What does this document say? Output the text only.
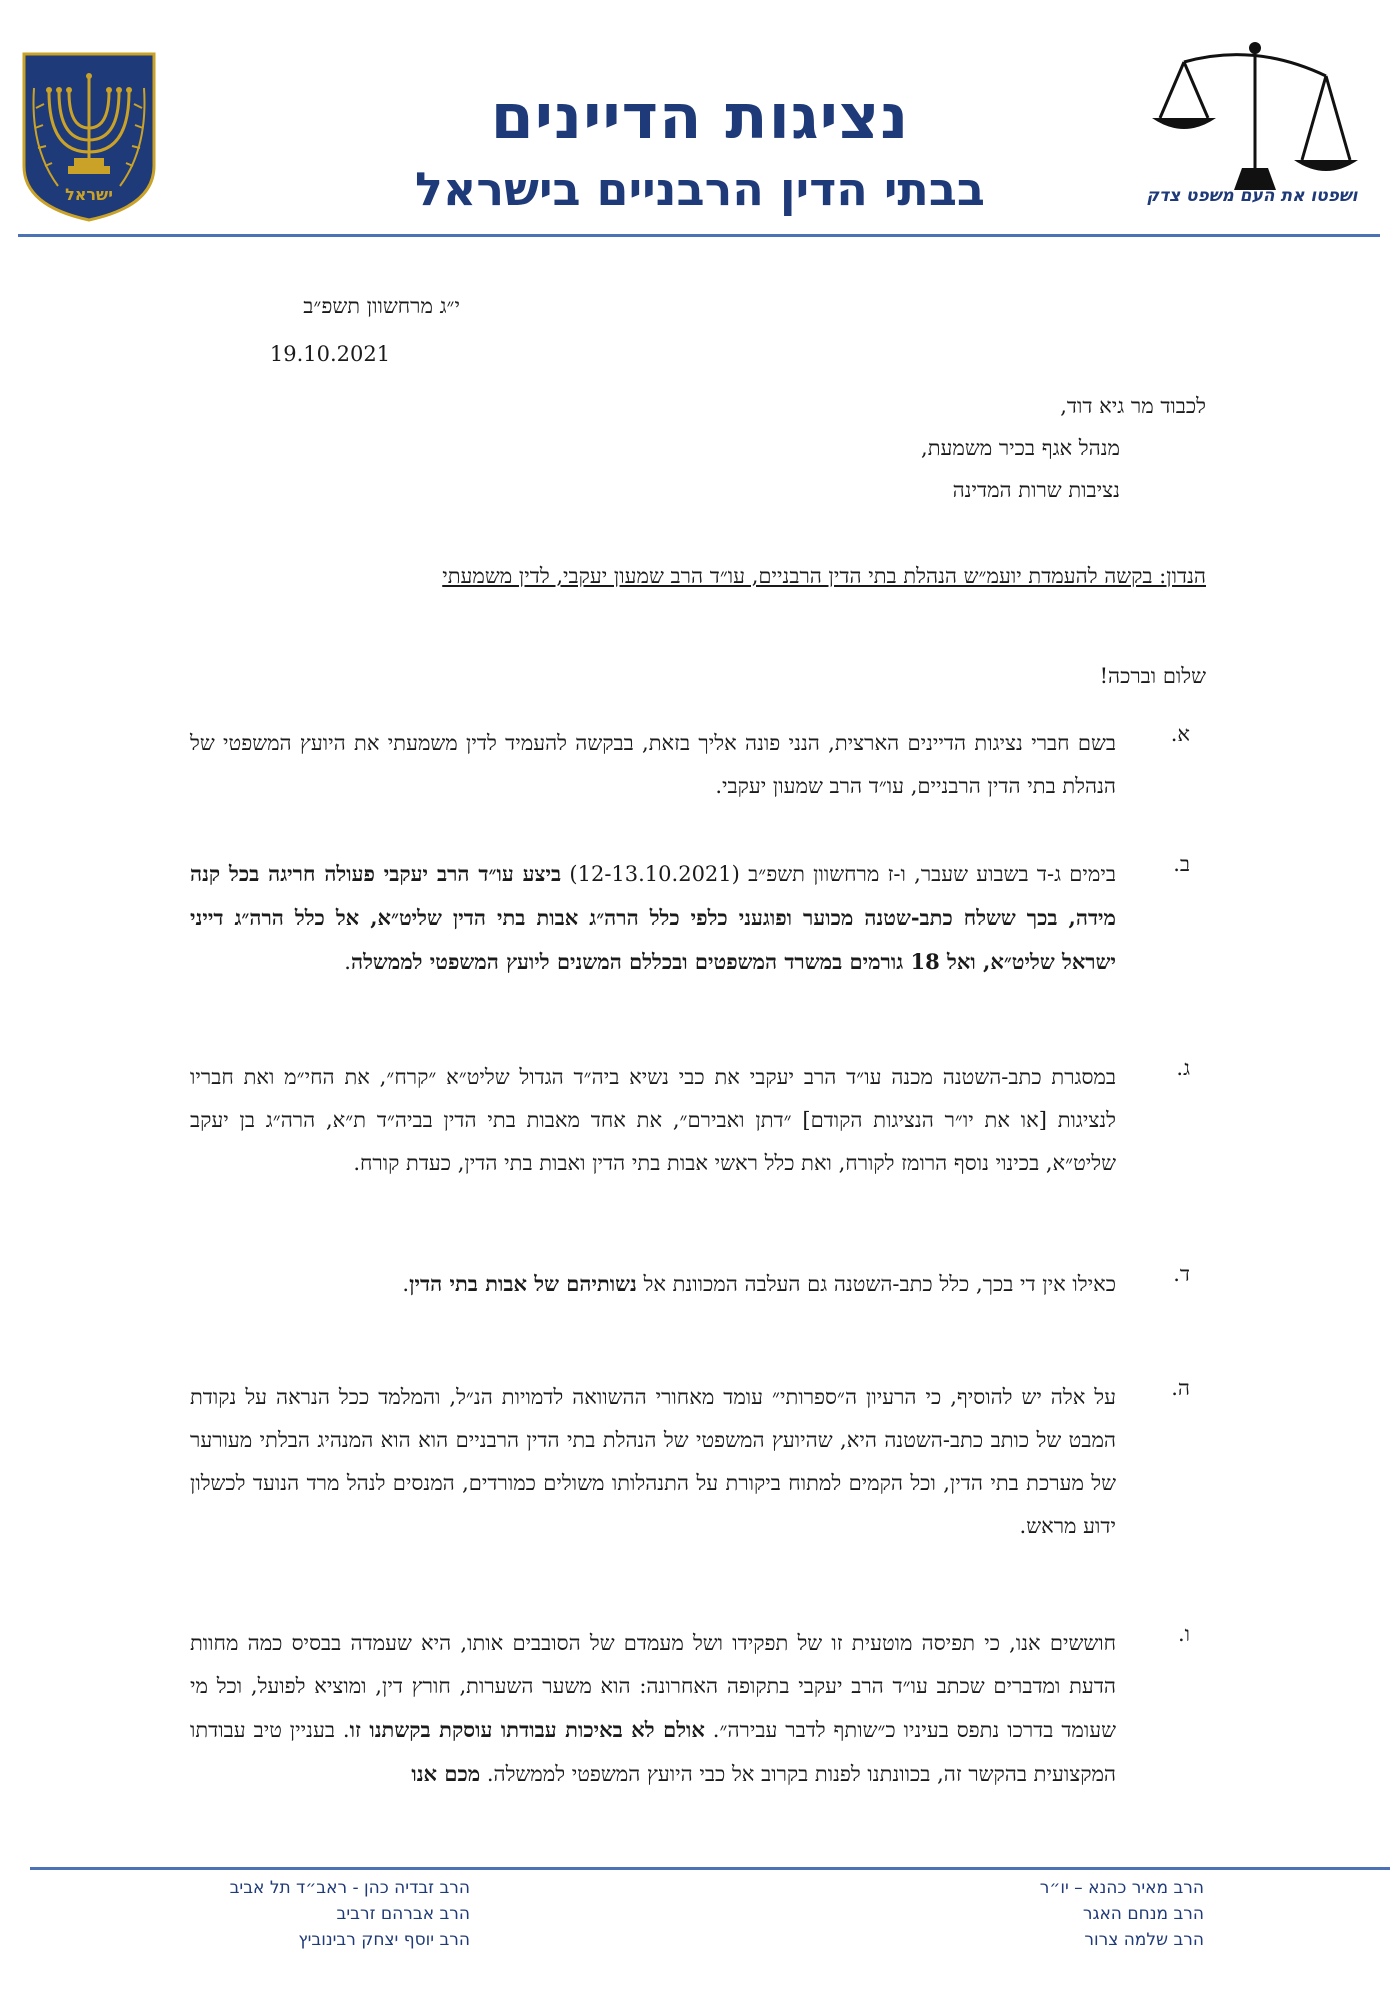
ישראל	ושפטו את העם משפט צדק
נציגות הדיינים
בבתי הדין הרבניים בישראל
י״ג מרחשוון תשפ״ב
19.10.2021
לכבוד מר גיא דוד,
מנהל אגף בכיר משמעת,
נציבות שרות המדינה
הנדון: בקשה להעמדת יועמ״ש הנהלת בתי הדין הרבניים, עו״ד הרב שמעון יעקבי, לדין משמעתי
שלום וברכה!
א.
בשם חברי נציגות הדיינים הארצית, הנני פונה אליך בזאת, בבקשה להעמיד לדין משמעתי את היועץ המשפטי של הנהלת בתי הדין הרבניים, עו״ד הרב שמעון יעקבי.
ב.
בימים ג-ד בשבוע שעבר, ו-ז מרחשוון תשפ״ב (12-13.10.2021) ביצע עו״ד הרב יעקבי פעולה חריגה בכל קנה מידה, בכך ששלח כתב-שטנה מכוער ופוגעני כלפי כלל הרה״ג אבות בתי הדין שליט״א, אל כלל הרה״ג דייני ישראל שליט״א, ואל 18 גורמים במשרד המשפטים ובכללם המשנים ליועץ המשפטי לממשלה.
ג.
במסגרת כתב-השטנה מכנה עו״ד הרב יעקבי את כבי נשיא ביה״ד הגדול שליט״א ״קרח״, את החי״מ ואת חבריו לנציגות [או את יו״ר הנציגות הקודם] ״דתן ואבירם״, את אחד מאבות בתי הדין בביה״ד ת״א, הרה״ג בן יעקב שליט״א, בכינוי נוסף הרומז לקורח, ואת כלל ראשי אבות בתי הדין ואבות בתי הדין, כעדת קורח.
ד.
כאילו אין די בכך, כלל כתב-השטנה גם העלבה המכוונת אל נשותיהם של אבות בתי הדין.
ה.
על אלה יש להוסיף, כי הרעיון ה״ספרותי״ עומד מאחורי ההשוואה לדמויות הנ״ל, והמלמד ככל הנראה על נקודת המבט של כותב כתב-השטנה היא, שהיועץ המשפטי של הנהלת בתי הדין הרבניים הוא הוא המנהיג הבלתי מעורער של מערכת בתי הדין, וכל הקמים למתוח ביקורת על התנהלותו משולים כמורדים, המנסים לנהל מרד הנועד לכשלון ידוע מראש.
ו.
חוששים אנו, כי תפיסה מוטעית זו של תפקידו ושל מעמדם של הסובבים אותו, היא שעמדה בבסיס כמה מחוות הדעת ומדברים שכתב עו״ד הרב יעקבי בתקופה האחרונה: הוא משער השערות, חורץ דין, ומוציא לפועל, וכל מי שעומד בדרכו נתפס בעיניו כ״שותף לדבר עבירה״. אולם לא באיכות עבודתו עוסקת בקשתנו זו. בעניין טיב עבודתו המקצועית בהקשר זה, בכוונתנו לפנות בקרוב אל כבי היועץ המשפטי לממשלה. מכם אנו
הרב מאיר כהנא – יו״ר
הרב מנחם האגר
הרב שלמה צרור
הרב זבדיה כהן - ראב״ד תל אביב
הרב אברהם זרביב
הרב יוסף יצחק רבינוביץ
